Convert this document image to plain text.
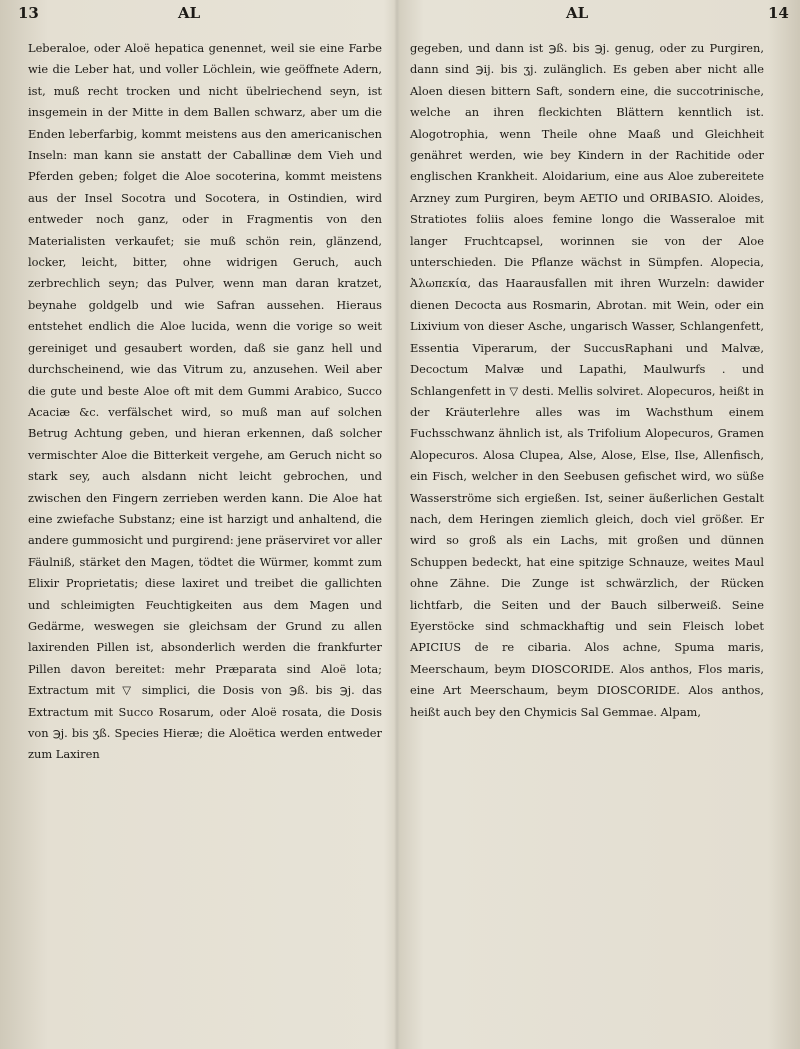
13	AL	AL	14

Leberaloe, oder Aloë hepatica genennet, weil sie eine Farbe wie die Leber hat, und voller Löchlein, wie geöffnete Adern, ist, muß recht trocken und nicht übelriechend seyn, ist insgemein in der Mitte in dem Ballen schwarz, aber um die Enden leberfarbig, kommt meistens aus den americanischen Inseln: man kann sie anstatt der Caballinæ dem Vieh und Pferden geben; folget die Aloe socoterina, kommt meistens aus der Insel Socotra und Socotera, in Ostindien, wird entweder noch ganz, oder in Fragmentis von den Materialisten verkaufet; sie muß schön rein, glänzend, locker, leicht, bitter, ohne widrigen Geruch, auch zerbrechlich seyn; das Pulver, wenn man daran kratzet, beynahe goldgelb und wie Safran aussehen. Hieraus entstehet endlich die Aloe lucida, wenn die vorige so weit gereiniget und gesaubert worden, daß sie ganz hell und durchscheinend, wie das Vitrum zu, anzusehen. Weil aber die gute und beste Aloe oft mit dem Gummi Arabico, Succo Acaciæ &c. verfälschet wird, so muß man auf solchen Betrug Achtung geben, und hieran erkennen, daß solcher vermischter Aloe die Bitterkeit vergehe, am Geruch nicht so stark sey, auch alsdann nicht leicht gebrochen, und zwischen den Fingern zerrieben werden kann. Die Aloe hat eine zwiefache Substanz; eine ist harzigt und anhaltend, die andere gummosicht und purgirend: jene präserviret vor aller Fäulniß, stärket den Magen, tödtet die Würmer, kommt zum Elixir Proprietatis; diese laxiret und treibet die gallichten und schleimigten Feuchtigkeiten aus dem Magen und Gedärme, weswegen sie gleichsam der Grund zu allen laxirenden Pillen ist, absonderlich werden die frankfurter Pillen davon bereitet: mehr Præparata sind Aloë lota; Extractum mit ▽ simplici, die Dosis von ℈ß. bis ℈j. das Extractum mit Succo Rosarum, oder Aloë rosata, die Dosis von ℈j. bis ʒß. Species Hieræ; die Aloëtica werden entweder zum Laxiren

gegeben, und dann ist ℈ß. bis ℈j. genug, oder zu Purgiren, dann sind ℈ij. bis ʒj. zulänglich. Es geben aber nicht alle Aloen diesen bittern Saft, sondern eine, die succotrinische, welche an ihren fleckichten Blättern kenntlich ist. Alogotrophia, wenn Theile ohne Maaß und Gleichheit genähret werden, wie bey Kindern in der Rachitide oder englischen Krankheit. Aloidarium, eine aus Aloe zubereitete Arzney zum Purgiren, beym AETIO und ORIBASIO. Aloides, Stratiotes foliis aloes femine longo die Wasseraloe mit langer Fruchtcapsel, worinnen sie von der Aloe unterschieden. Die Pflanze wächst in Sümpfen. Alopecia, Ἀλωπεκία, das Haarausfallen mit ihren Wurzeln: dawider dienen Decocta aus Rosmarin, Abrotan. mit Wein, oder ein Lixivium von dieser Asche, ungarisch Wasser, Schlangenfett, Essentia Viperarum, der SuccusRaphani und Malvæ, Decoctum Malvæ und Lapathi, Maulwurfs . und Schlangenfett in ▽ desti. Mellis solviret. Alopecuros, heißt in der Kräuterlehre alles was im Wachsthum einem Fuchsschwanz ähnlich ist, als Trifolium Alopecuros, Gramen Alopecuros. Alosa Clupea, Alse, Alose, Else, Ilse, Allenfisch, ein Fisch, welcher in den Seebusen gefischet wird, wo süße Wasserströme sich ergießen. Ist, seiner äußerlichen Gestalt nach, dem Heringen ziemlich gleich, doch viel größer. Er wird so groß als ein Lachs, mit großen und dünnen Schuppen bedeckt, hat eine spitzige Schnauze, weites Maul ohne Zähne. Die Zunge ist schwärzlich, der Rücken lichtfarb, die Seiten und der Bauch silberweiß. Seine Eyerstöcke sind schmackhaftig und sein Fleisch lobet APICIUS de re cibaria. Alos achne, Spuma maris, Meerschaum, beym DIOSCORIDE. Alos anthos, Flos maris, eine Art Meerschaum, beym DIOSCORIDE. Alos anthos, heißt auch bey den Chymicis Sal Gemmae. Alpam,
